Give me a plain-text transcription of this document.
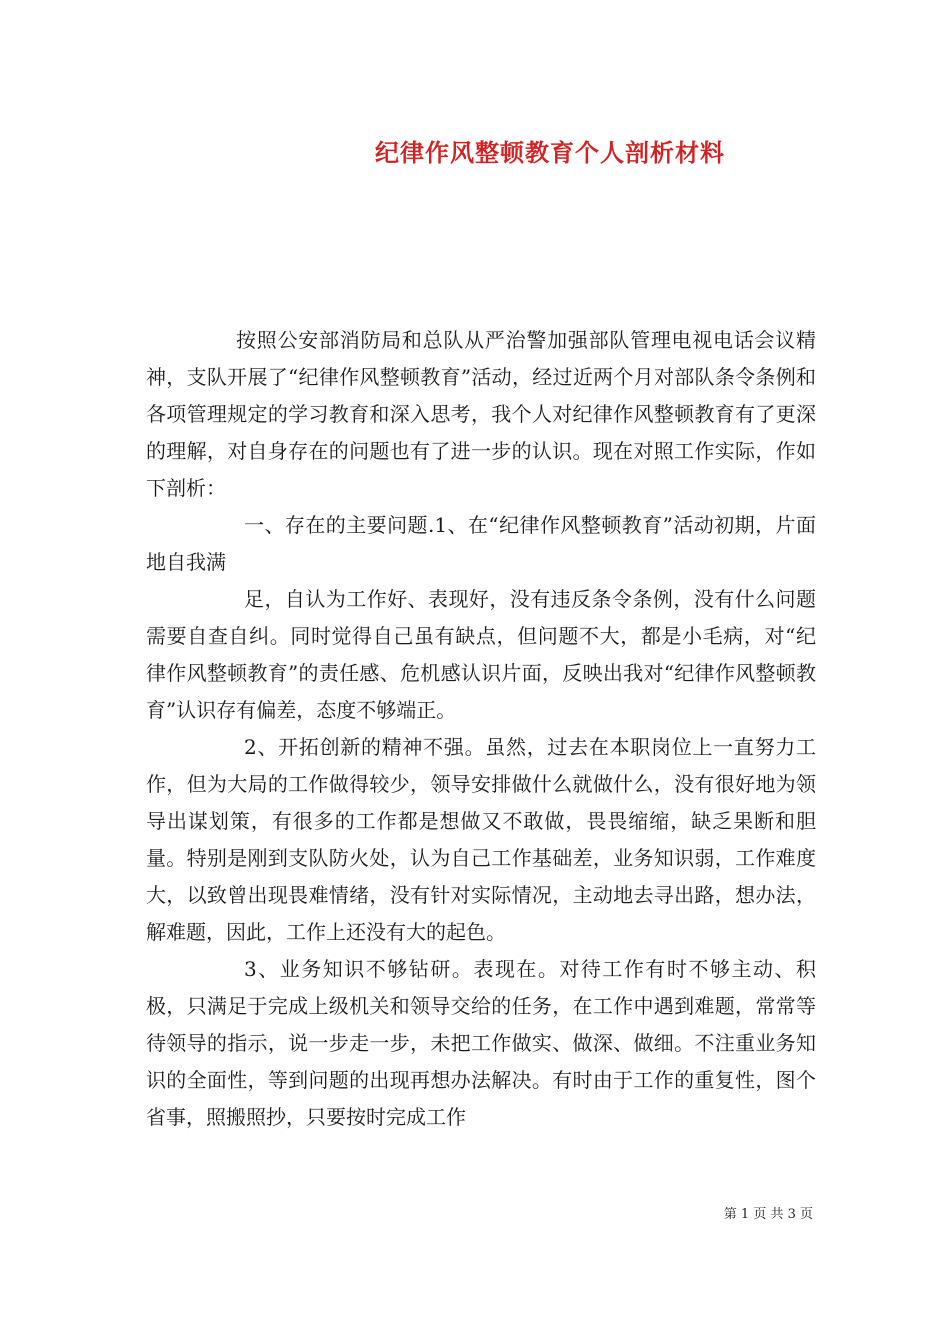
纪律作风整顿教育个人剖析材料

按照公安部消防局和总队从严治警加强部队管理电视电话会议精神，支队开展了“纪律作风整顿教育”活动，经过近两个月对部队条令条例和各项管理规定的学习教育和深入思考，我个人对纪律作风整顿教育有了更深的理解，对自身存在的问题也有了进一步的认识。现在对照工作实际，作如下剖析：

一、存在的主要问题.1、在“纪律作风整顿教育”活动初期，片面地自我满

足，自认为工作好、表现好，没有违反条令条例，没有什么问题需要自查自纠。同时觉得自己虽有缺点，但问题不大，都是小毛病，对“纪律作风整顿教育”的责任感、危机感认识片面，反映出我对“纪律作风整顿教育”认识存有偏差，态度不够端正。

2、开拓创新的精神不强。虽然，过去在本职岗位上一直努力工作，但为大局的工作做得较少，领导安排做什么就做什么，没有很好地为领导出谋划策，有很多的工作都是想做又不敢做，畏畏缩缩，缺乏果断和胆量。特别是刚到支队防火处，认为自己工作基础差，业务知识弱，工作难度大，以致曾出现畏难情绪，没有针对实际情况，主动地去寻出路，想办法，解难题，因此，工作上还没有大的起色。

3、业务知识不够钻研。表现在。对待工作有时不够主动、积极，只满足于完成上级机关和领导交给的任务，在工作中遇到难题，常常等待领导的指示，说一步走一步，未把工作做实、做深、做细。不注重业务知识的全面性，等到问题的出现再想办法解决。有时由于工作的重复性，图个省事，照搬照抄，只要按时完成工作

第 1 页 共 3 页
